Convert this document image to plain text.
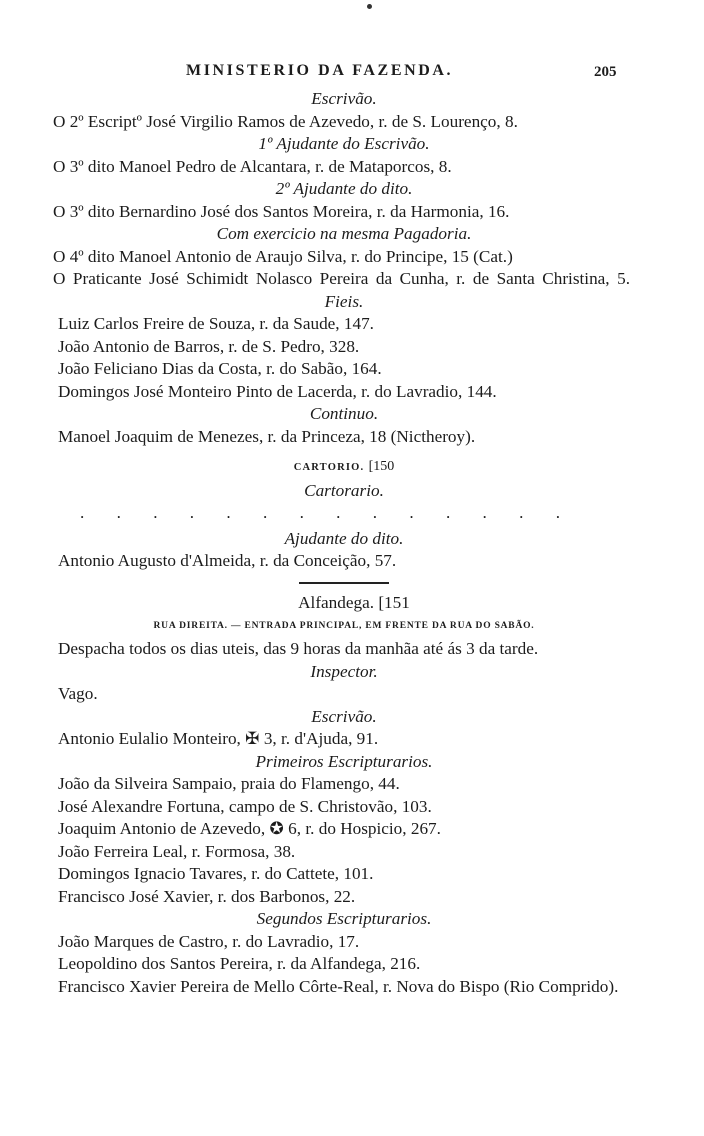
MINISTERIO DA FAZENDA.	205
Escrivão.
O 2º Escriptº José Virgilio Ramos de Azevedo, r. de S. Lourenço, 8.
1º Ajudante do Escrivão.
O 3º dito Manoel Pedro de Alcantara, r. de Mataporcos, 8.
2º Ajudante do dito.
O 3º dito Bernardino José dos Santos Moreira, r. da Harmonia, 16.
Com exercicio na mesma Pagadoria.
O 4º dito Manoel Antonio de Araujo Silva, r. do Principe, 15 (Cat.)
O Praticante José Schimidt Nolasco Pereira da Cunha, r. de Santa Christina, 5.
Fieis.
Luiz Carlos Freire de Souza, r. da Saude, 147.
João Antonio de Barros, r. de S. Pedro, 328.
João Feliciano Dias da Costa, r. do Sabão, 164.
Domingos José Monteiro Pinto de Lacerda, r. do Lavradio, 144.
Continuo.
Manoel Joaquim de Menezes, r. da Princeza, 18 (Nictheroy).
CARTORIO. [150
Cartorario.
. . . . . . . . . . . . . .
Ajudante do dito.
Antonio Augusto d'Almeida, r. da Conceição, 57.
Alfandega. [151
RUA DIREITA. — ENTRADA PRINCIPAL, EM FRENTE DA RUA DO SABÃO.
Despacha todos os dias uteis, das 9 horas da manhãa até ás 3 da tarde.
Inspector.
Vago.
Escrivão.
Antonio Eulalio Monteiro, ✠ 3, r. d'Ajuda, 91.
Primeiros Escripturarios.
João da Silveira Sampaio, praia do Flamengo, 44.
José Alexandre Fortuna, campo de S. Christovão, 103.
Joaquim Antonio de Azevedo, ✪ 6, r. do Hospicio, 267.
João Ferreira Leal, r. Formosa, 38.
Domingos Ignacio Tavares, r. do Cattete, 101.
Francisco José Xavier, r. dos Barbonos, 22.
Segundos Escripturarios.
João Marques de Castro, r. do Lavradio, 17.
Leopoldino dos Santos Pereira, r. da Alfandega, 216.
Francisco Xavier Pereira de Mello Côrte-Real, r. Nova do Bispo (Rio Comprido).
